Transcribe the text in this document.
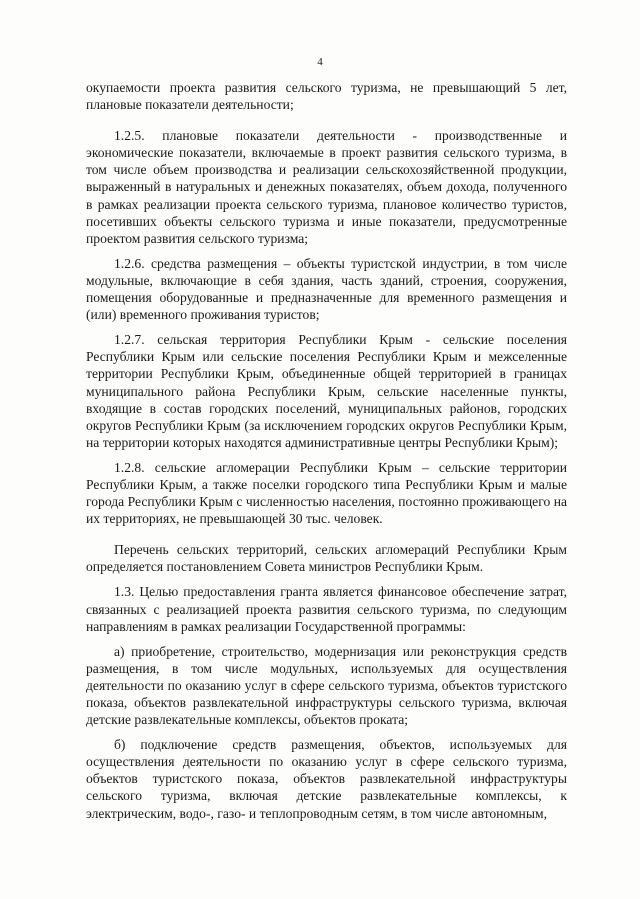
4

окупаемости проекта развития сельского туризма, не превышающий 5 лет, плановые показатели деятельности;

1.2.5. плановые показатели деятельности - производственные и экономические показатели, включаемые в проект развития сельского туризма, в том числе объем производства и реализации сельскохозяйственной продукции, выраженный в натуральных и денежных показателях, объем дохода, полученного в рамках реализации проекта сельского туризма, плановое количество туристов, посетивших объекты сельского туризма и иные показатели, предусмотренные проектом развития сельского туризма;

1.2.6. средства размещения – объекты туристской индустрии, в том числе модульные, включающие в себя здания, часть зданий, строения, сооружения, помещения оборудованные и предназначенные для временного размещения и (или) временного проживания туристов;

1.2.7. сельская территория Республики Крым - сельские поселения Республики Крым или сельские поселения Республики Крым и межселенные территории Республики Крым, объединенные общей территорией в границах муниципального района Республики Крым, сельские населенные пункты, входящие в состав городских поселений, муниципальных районов, городских округов Республики Крым (за исключением городских округов Республики Крым, на территории которых находятся административные центры Республики Крым);

1.2.8. сельские агломерации Республики Крым – сельские территории Республики Крым, а также поселки городского типа Республики Крым и малые города Республики Крым с численностью населения, постоянно проживающего на их территориях, не превышающей 30 тыс. человек.

Перечень сельских территорий, сельских агломераций Республики Крым определяется постановлением Совета министров Республики Крым.

1.3. Целью предоставления гранта является финансовое обеспечение затрат, связанных с реализацией проекта развития сельского туризма, по следующим направлениям в рамках реализации Государственной программы:

а) приобретение, строительство, модернизация или реконструкция средств размещения, в том числе модульных, используемых для осуществления деятельности по оказанию услуг в сфере сельского туризма, объектов туристского показа, объектов развлекательной инфраструктуры сельского туризма, включая детские развлекательные комплексы, объектов проката;

б) подключение средств размещения, объектов, используемых для осуществления деятельности по оказанию услуг в сфере сельского туризма, объектов туристского показа, объектов развлекательной инфраструктуры сельского туризма, включая детские развлекательные комплексы, к электрическим, водо-, газо- и теплопроводным сетям, в том числе автономным,
